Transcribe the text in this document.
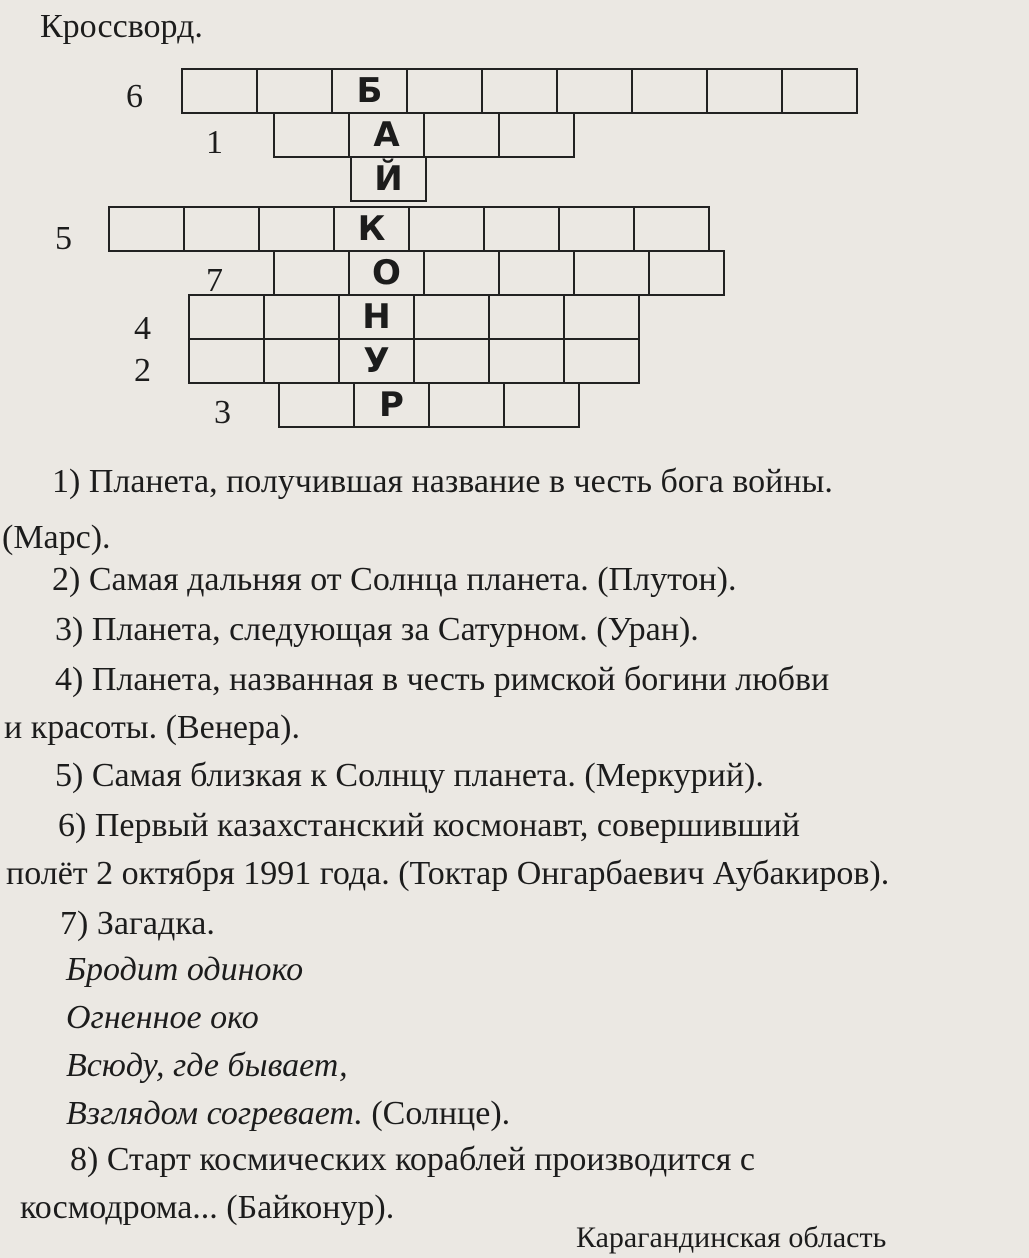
Кроссворд.
6	Б
1	А
Й
5	К
7	О
4	Н
2	У
3	Р
1) Планета, получившая название в честь бога войны.
(Марс).
2) Самая дальняя от Солнца планета. (Плутон).
3) Планета, следующая за Сатурном. (Уран).
4) Планета, названная в честь римской богини любви
и красоты. (Венера).
5) Самая близкая к Солнцу планета. (Меркурий).
6) Первый казахстанский космонавт, совершивший
полёт 2 октября 1991 года. (Токтар Онгарбаевич Аубакиров).
7) Загадка.
Бродит одиноко
Огненное око
Всюду, где бывает,
Взглядом согревает. (Солнце).
8) Старт космических кораблей производится с
космодрома... (Байконур).
Карагандинская область
